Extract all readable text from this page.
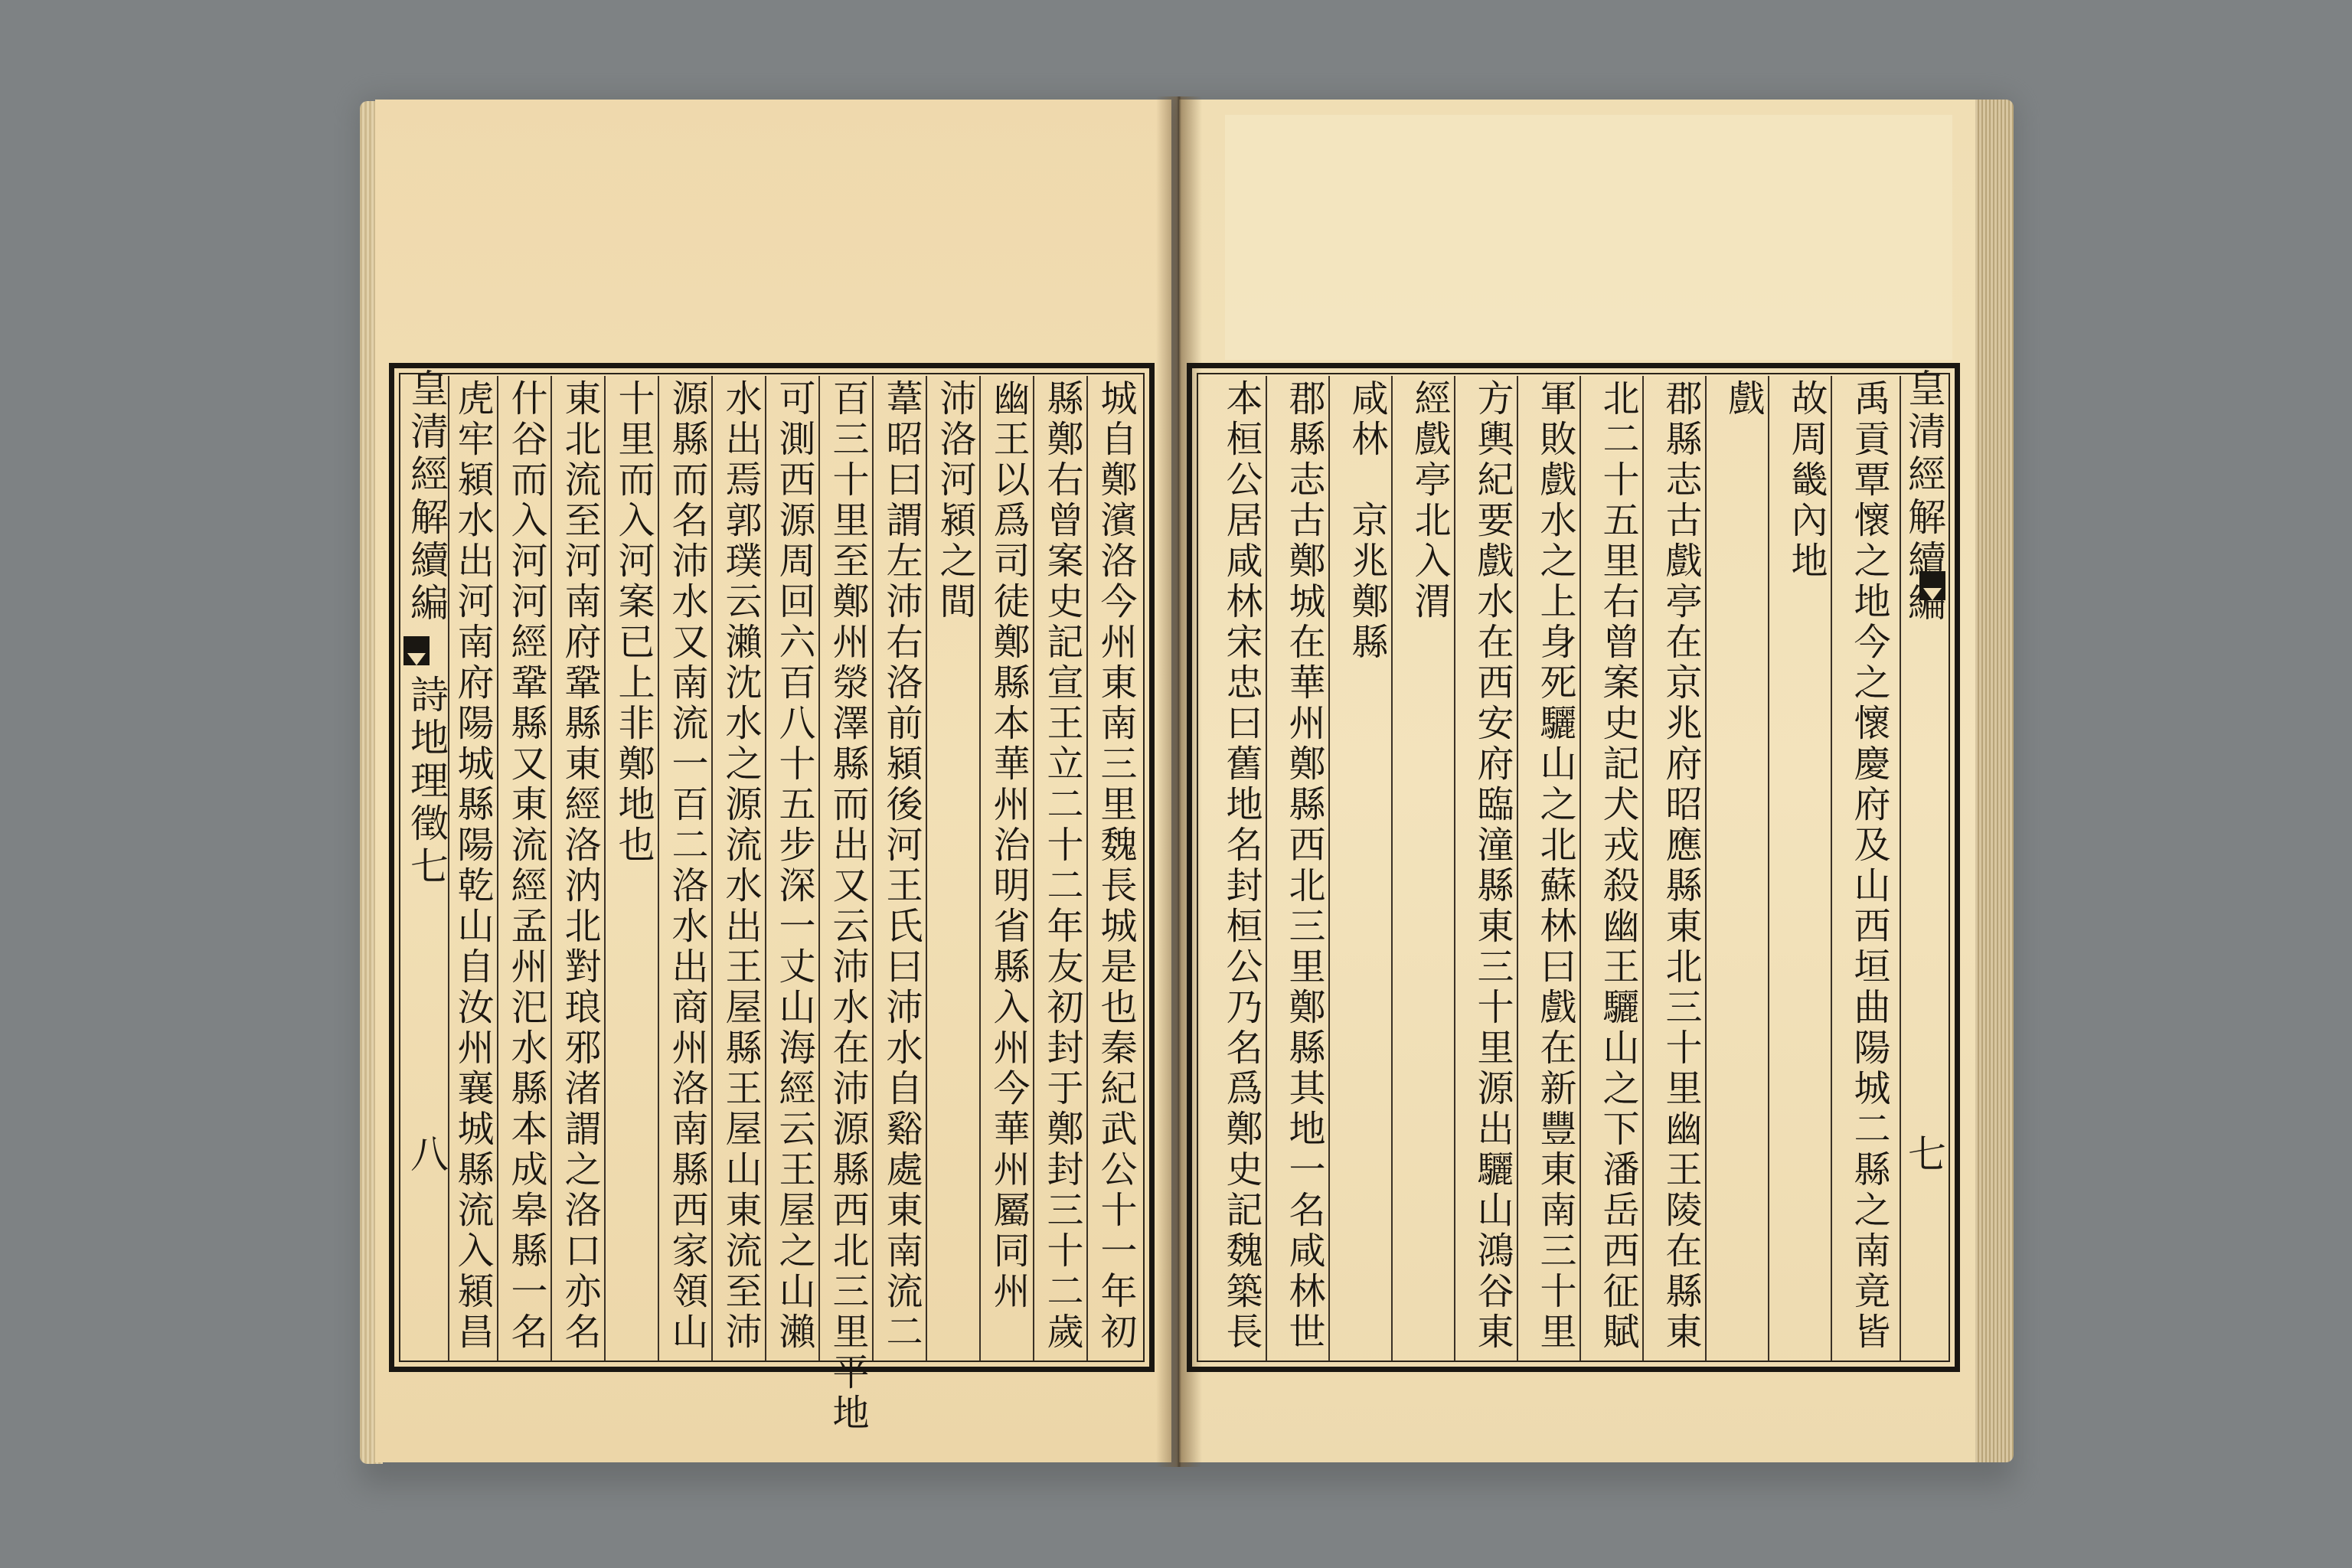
皇清經解續編
詩地理徵七
八	城自鄭濱洛今州東南三里魏長城是也秦紀武公十一年初
縣鄭右曾案史記宣王立二十二年友初封于鄭封三十二歲
幽王以爲司徒鄭縣本華州治明省縣入州今華州屬同州
沛洛河潁之間
葦昭曰謂左沛右洛前潁後河王氏曰沛水自谿處東南流二
百三十里至鄭州滎澤縣而出又云沛水在沛源縣西北三里平地
可測西源周回六百八十五步深一丈山海經云王屋之山瀨
水出焉郭璞云瀨沈水之源流水出王屋縣王屋山東流至沛
源縣而名沛水又南流一百二洛水出商州洛南縣西家領山
十里而入河案已上非鄭地也
東北流至河南府鞏縣東經洛汭北對琅邪渚謂之洛口亦名
什谷而入河河經鞏縣又東流經孟州汜水縣本成皋縣一名
虎牢潁水出河南府陽城縣陽乾山自汝州襄城縣流入潁昌	皇清經解續編
七
禹貢覃懷之地今之懷慶府及山西垣曲陽城二縣之南竟皆
故周畿內地
戲
郡縣志古戲亭在京兆府昭應縣東北三十里幽王陵在縣東
北二十五里右曾案史記犬戎殺幽王驪山之下潘岳西征賦
軍敗戲水之上身死驪山之北蘇林曰戲在新豐東南三十里
方輿紀要戲水在西安府臨潼縣東三十里源出驪山鴻谷東
經戲亭北入渭
咸林　京兆鄭縣
郡縣志古鄭城在華州鄭縣西北三里鄭縣其地一名咸林世
本桓公居咸林宋忠曰舊地名封桓公乃名爲鄭史記魏築長
